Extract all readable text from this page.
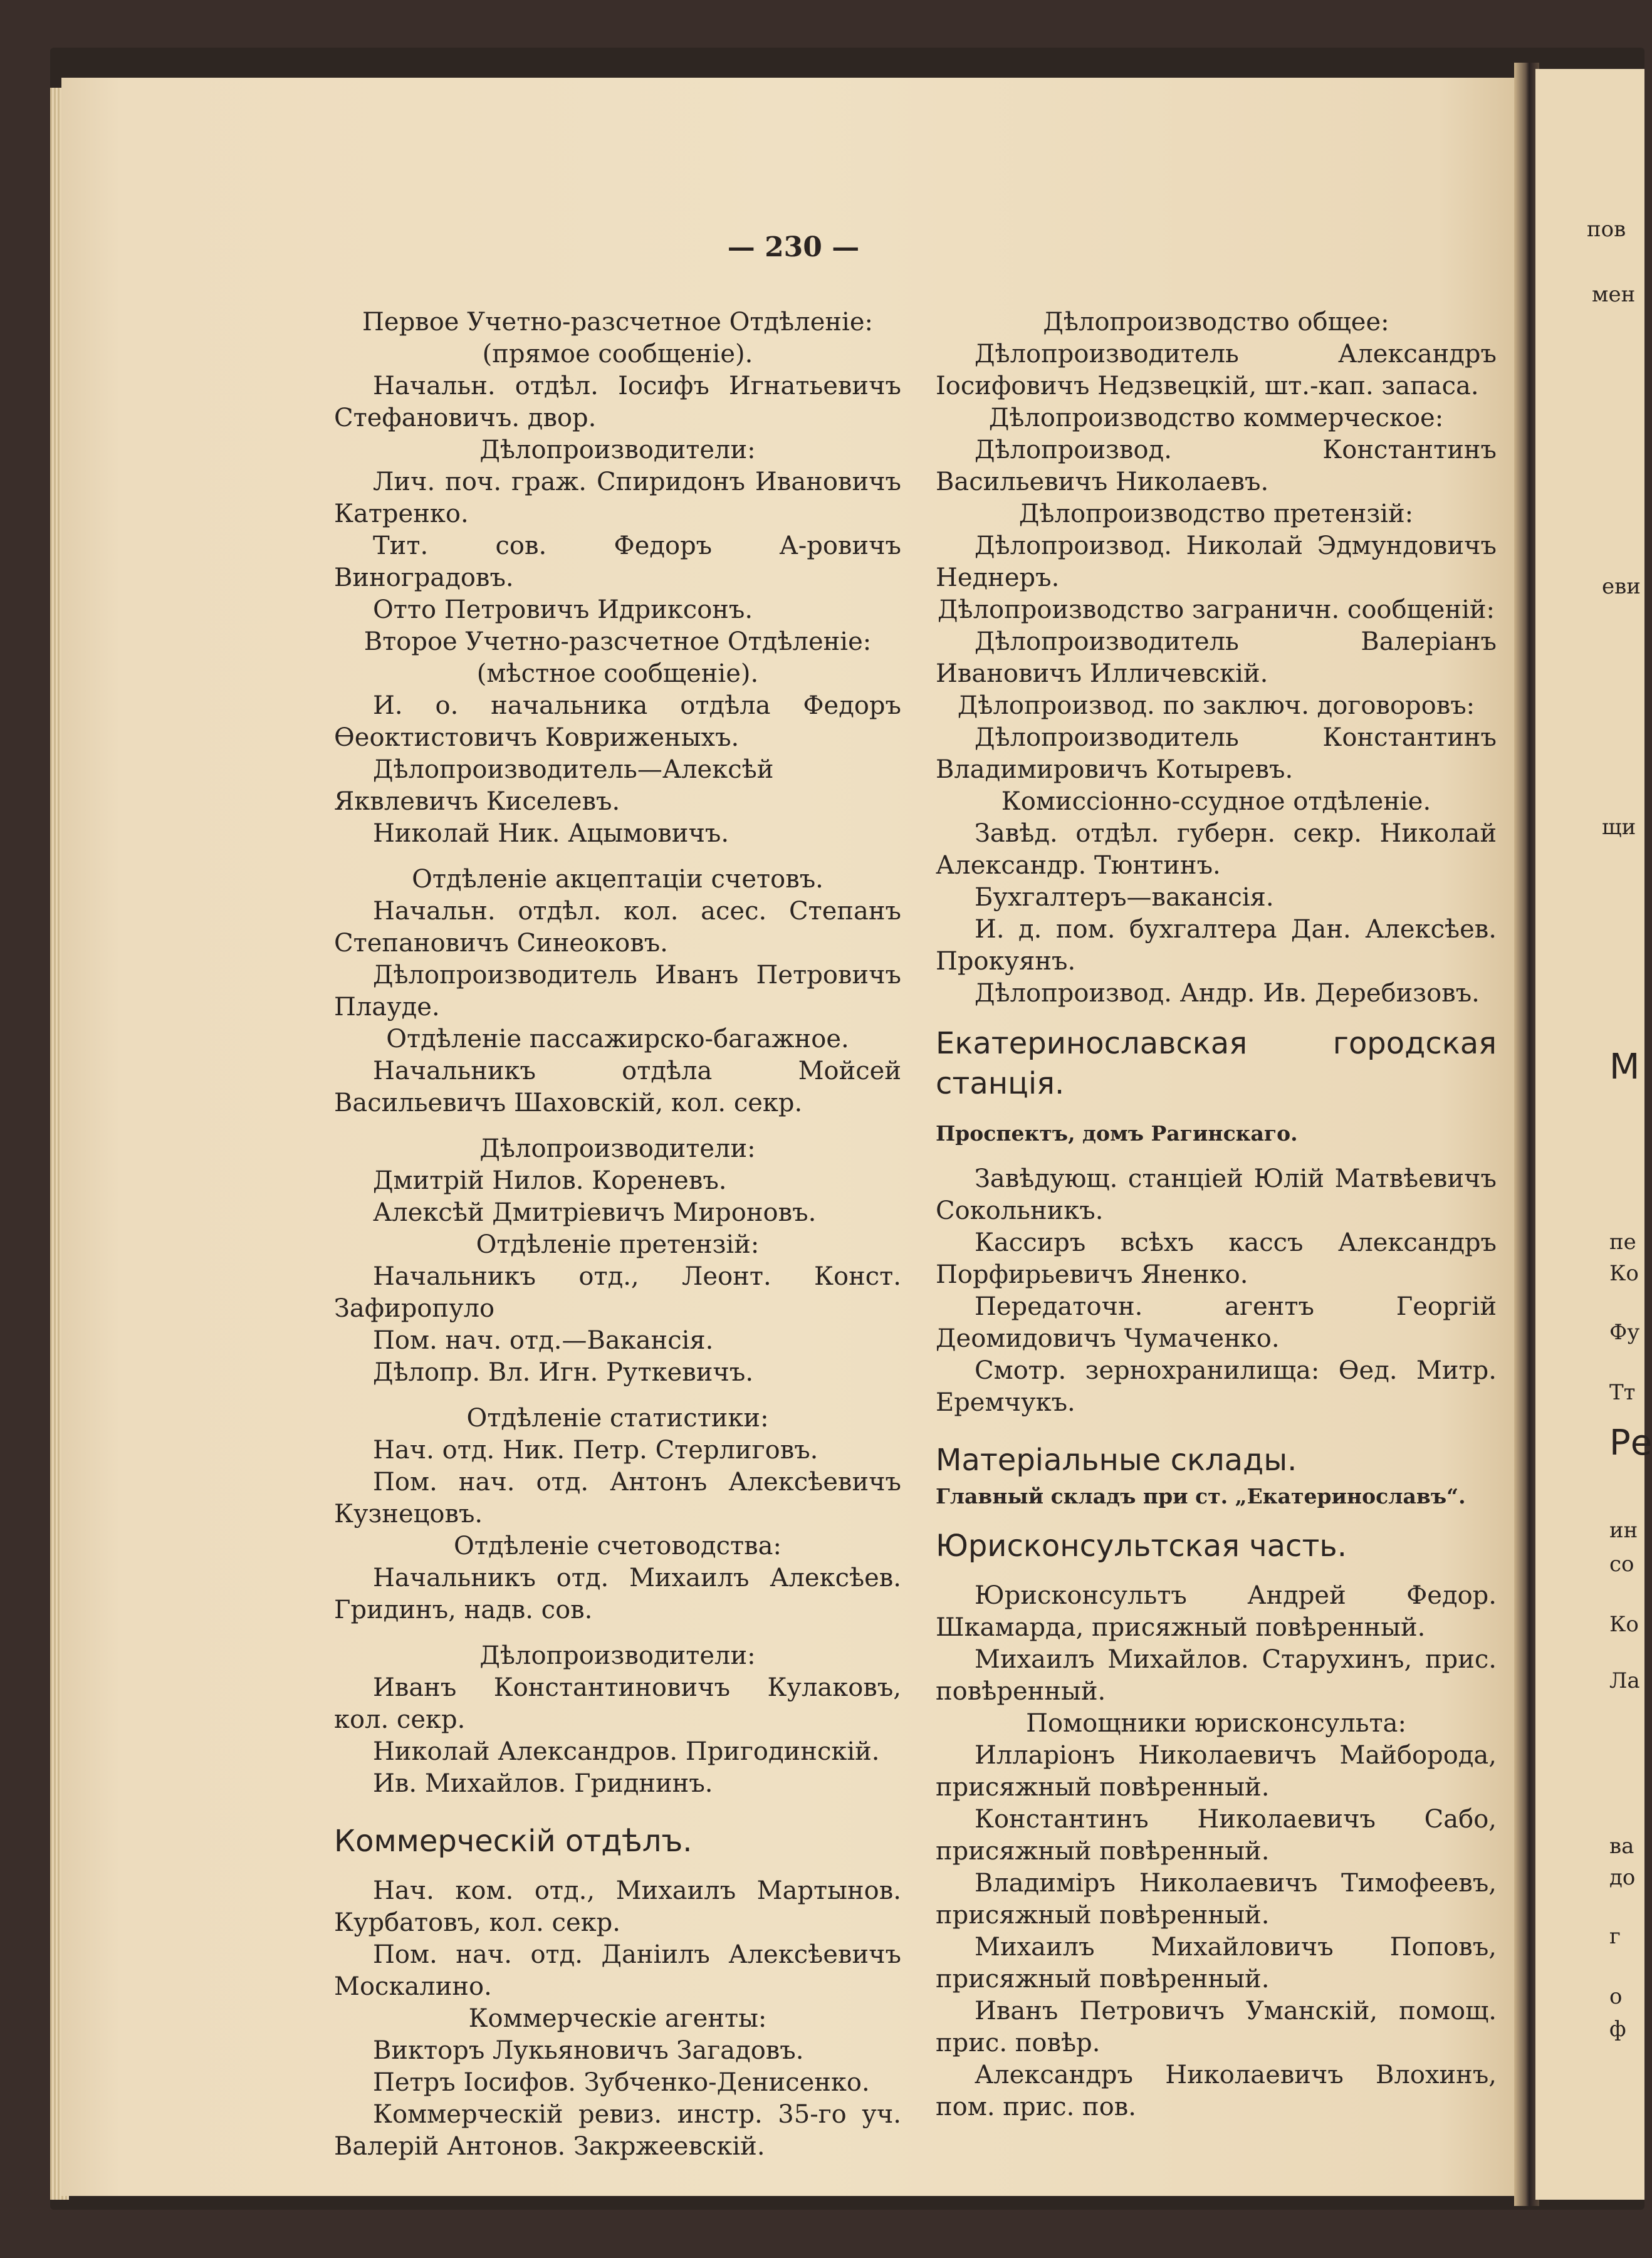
— 230 —

Первое Учетно-разсчетное Отдѣленіе:

(прямое сообщеніе).

Начальн. отдѣл. Іосифъ Игнатьевичъ Стефановичъ. двор.

Дѣлопроизводители:

Лич. поч. граж. Спиридонъ Ивановичъ Катренко.

Тит. сов. Федоръ А-ровичъ Виноградовъ.

Отто Петровичъ Идриксонъ.

Второе Учетно-разсчетное Отдѣленіе:

(мѣстное сообщеніе).

И. о. начальника отдѣла Федоръ Ѳеоктистовичъ Ковриженыхъ.

Дѣлопроизводитель—Алексѣй Яквлевичъ Киселевъ.

Николай Ник. Ацымовичъ.

Отдѣленіе акцептаціи счетовъ.

Начальн. отдѣл. кол. асес. Степанъ Степановичъ Синеоковъ.

Дѣлопроизводитель Иванъ Петровичъ Плауде.

Отдѣленіе пассажирско-багажное.

Начальникъ отдѣла Мойсей Васильевичъ Шаховскій, кол. секр.

Дѣлопроизводители:

Дмитрій Нилов. Кореневъ.

Алексѣй Дмитріевичъ Мироновъ.

Отдѣленіе претензій:

Начальникъ отд., Леонт. Конст. Зафиропуло

Пом. нач. отд.—Вакансія.

Дѣлопр. Вл. Игн. Руткевичъ.

Отдѣленіе статистики:

Нач. отд. Ник. Петр. Стерлиговъ.

Пом. нач. отд. Антонъ Алексѣевичъ Кузнецовъ.

Отдѣленіе счетоводства:

Начальникъ отд. Михаилъ Алексѣев. Гридинъ, надв. сов.

Дѣлопроизводители:

Иванъ Константиновичъ Кулаковъ, кол. секр.

Николай Александров. Пригодинскій.

Ив. Михайлов. Гриднинъ.

Коммерческій отдѣлъ.

Нач. ком. отд., Михаилъ Мартынов. Курбатовъ, кол. секр.

Пом. нач. отд. Даніилъ Алексѣевичъ Москалино.

Коммерческіе агенты:

Викторъ Лукьяновичъ Загадовъ.

Петръ Іосифов. Зубченко-Денисенко.

Коммерческій ревиз. инстр. 35-го уч. Валерій Антонов. Закржеевскій.

Дѣлопроизводство общее:

Дѣлопроизводитель Александръ Іосифовичъ Недзвецкій, шт.-кап. запаса.

Дѣлопроизводство коммерческое:

Дѣлопроизвод. Константинъ Васильевичъ Николаевъ.

Дѣлопроизводство претензій:

Дѣлопроизвод. Николай Эдмундовичъ Неднеръ.

Дѣлопроизводство заграничн. сообщеній:

Дѣлопроизводитель Валеріанъ Ивановичъ Илличевскій.

Дѣлопроизвод. по заключ. договоровъ:

Дѣлопроизводитель Константинъ Владимировичъ Котыревъ.

Комиссіонно-ссудное отдѣленіе.

Завѣд. отдѣл. губерн. секр. Николай Александр. Тюнтинъ.

Бухгалтеръ—вакансія.

И. д. пом. бухгалтера Дан. Алексѣев. Прокуянъ.

Дѣлопроизвод. Андр. Ив. Деребизовъ.

Екатеринославская городская станція.

Проспектъ, домъ Рагинскаго.

Завѣдующ. станціей Юлій Матвѣевичъ Сокольникъ.

Кассиръ всѣхъ кассъ Александръ Порфирьевичъ Яненко.

Передаточн. агентъ Георгій Деомидовичъ Чумаченко.

Смотр. зернохранилища: Ѳед. Митр. Еремчукъ.

Матеріальные склады.

Главный складъ при ст. „Екатеринославъ“.

Юрисконсультская часть.

Юрисконсультъ Андрей Федор. Шкамарда, присяжный повѣренный.

Михаилъ Михайлов. Старухинъ, прис. повѣренный.

Помощники юрисконсульта:

Илларіонъ Николаевичъ Майборода, присяжный повѣренный.

Константинъ Николаевичъ Сабо, присяжный повѣренный.

Владиміръ Николаевичъ Тимофеевъ, присяжный повѣренный.

Михаилъ Михайловичъ Поповъ, присяжный повѣренный.

Иванъ Петровичъ Уманскій, помощ. прис. повѣр.

Александръ Николаевичъ Влохинъ, пом. прис. пов.

пов
мен
еви
щи
М
пе
Ко
Фу
Тт
Ре
ин
со
Ко
Ла
ва
до
г
о
ф
